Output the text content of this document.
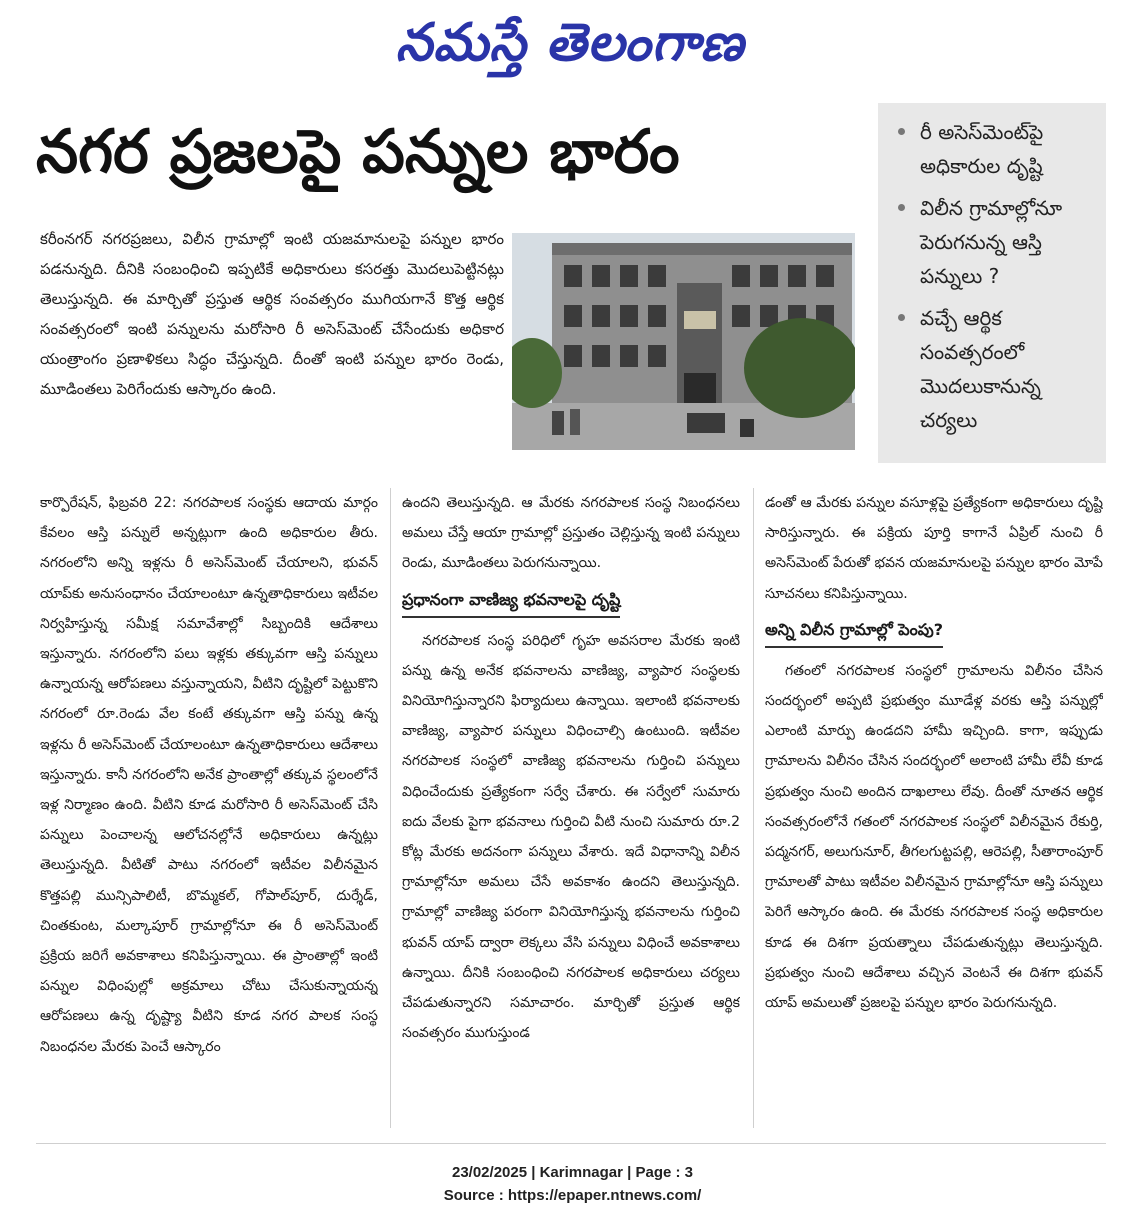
నమస్తే తెలంగాణ
నగర ప్రజలపై పన్నుల భారం	రీ అసెస్‌మెంట్‌పై అధికారుల దృష్టి
విలీన గ్రామాల్లోనూ పెరుగనున్న ఆస్తి పన్నులు ?
వచ్చే ఆర్థిక సంవత్సరంలో మొదలుకానున్న చర్యలు
కరీంనగర్ నగరప్రజలు, విలీన గ్రామాల్లో ఇంటి యజమానులపై పన్నుల భారం పడనున్నది. దీనికి సంబంధించి ఇప్పటికే అధికారులు కసరత్తు మొదలుపెట్టినట్లు తెలుస్తున్నది. ఈ మార్చితో ప్రస్తుత ఆర్థిక సంవత్సరం ముగియగానే కొత్త ఆర్థిక సంవత్సరంలో ఇంటి పన్నులను మరోసారి రీ అసెస్‌మెంట్ చేసేందుకు అధికార యంత్రాంగం ప్రణాళికలు సిద్ధం చేస్తున్నది. దీంతో ఇంటి పన్నుల భారం రెండు, మూడింతలు పెరిగేందుకు ఆస్కారం ఉంది.

కార్పొరేషన్, ఫిబ్రవరి 22: నగరపాలక సంస్థకు ఆదాయ మార్గం కేవలం ఆస్తి పన్నులే అన్నట్లుగా ఉంది అధికారుల తీరు. నగరంలోని అన్ని ఇళ్లను రీ అసెస్‌మెంట్ చేయాలని, భువన్ యాప్‌కు అనుసంధానం చేయాలంటూ ఉన్నతాధికారులు ఇటీవల నిర్వహిస్తున్న సమీక్ష సమావేశాల్లో సిబ్బందికి ఆదేశాలు ఇస్తున్నారు. నగరంలోని పలు ఇళ్లకు తక్కువగా ఆస్తి పన్నులు ఉన్నాయన్న ఆరోపణలు వస్తున్నాయని, వీటిని దృష్టిలో పెట్టుకొని నగరంలో రూ.రెండు వేల కంటే తక్కువగా ఆస్తి పన్ను ఉన్న ఇళ్లను రీ అసెస్‌మెంట్ చేయాలంటూ ఉన్నతాధికారులు ఆదేశాలు ఇస్తున్నారు. కానీ నగరంలోని అనేక ప్రాంతాల్లో తక్కువ స్థలంలోనే ఇళ్ల నిర్మాణం ఉంది. వీటిని కూడ మరోసారి రీ అసెస్‌మెంట్ చేసి పన్నులు పెంచాలన్న ఆలోచనల్లోనే అధికారులు ఉన్నట్లు తెలుస్తున్నది. వీటితో పాటు నగరంలో ఇటీవల విలీనమైన కొత్తపల్లి మున్సిపాలిటీ, బొమ్మకల్, గోపాల్‌పూర్, దుర్శేడ్, చింతకుంట, మల్కాపూర్ గ్రామాల్లోనూ ఈ రీ అసెస్‌మెంట్ ప్రక్రియ జరిగే అవకాశాలు కనిపిస్తున్నాయి. ఈ ప్రాంతాల్లో ఇంటి పన్నుల విధింపుల్లో అక్రమాలు చోటు చేసుకున్నాయన్న ఆరోపణలు ఉన్న దృష్ట్యా వీటిని కూడ నగర పాలక సంస్థ నిబంధనల మేరకు పెంచే ఆస్కారం

ఉందని తెలుస్తున్నది. ఆ మేరకు నగరపాలక సంస్థ నిబంధనలు అమలు చేస్తే ఆయా గ్రామాల్లో ప్రస్తుతం చెల్లిస్తున్న ఇంటి పన్నులు రెండు, మూడింతలు పెరుగనున్నాయి.

ప్రధానంగా వాణిజ్య భవనాలపై దృష్టి

నగరపాలక సంస్థ పరిధిలో గృహ అవసరాల మేరకు ఇంటి పన్ను ఉన్న అనేక భవనాలను వాణిజ్య, వ్యాపార సంస్థలకు వినియోగిస్తున్నారని ఫిర్యాదులు ఉన్నాయి. ఇలాంటి భవనాలకు వాణిజ్య, వ్యాపార పన్నులు విధించాల్సి ఉంటుంది. ఇటీవల నగరపాలక సంస్థలో వాణిజ్య భవనాలను గుర్తించి పన్నులు విధించేందుకు ప్రత్యేకంగా సర్వే చేశారు. ఈ సర్వేలో సుమారు ఐదు వేలకు పైగా భవనాలు గుర్తించి వీటి నుంచి సుమారు రూ.2 కోట్ల మేరకు అదనంగా పన్నులు వేశారు. ఇదే విధానాన్ని విలీన గ్రామాల్లోనూ అమలు చేసే అవకాశం ఉందని తెలుస్తున్నది. గ్రామాల్లో వాణిజ్య పరంగా వినియోగిస్తున్న భవనాలను గుర్తించి భువన్ యాప్ ద్వారా లెక్కలు వేసి పన్నులు విధించే అవకాశాలు ఉన్నాయి. దీనికి సంబంధించి నగరపాలక అధికారులు చర్యలు చేపడుతున్నారని సమాచారం. మార్చితో ప్రస్తుత ఆర్థిక సంవత్సరం ముగుస్తుండ

డంతో ఆ మేరకు పన్నుల వసూళ్లపై ప్రత్యేకంగా అధికారులు దృష్టి సారిస్తున్నారు. ఈ పక్రియ పూర్తి కాగానే ఏప్రిల్ నుంచి రీ అసెస్‌మెంట్ పేరుతో భవన యజమానులపై పన్నుల భారం మోపే సూచనలు కనిపిస్తున్నాయి.

అన్ని విలీన గ్రామాల్లో పెంపు?

గతంలో నగరపాలక సంస్థలో గ్రామాలను విలీనం చేసిన సందర్భంలో అప్పటి ప్రభుత్వం మూడేళ్ల వరకు ఆస్తి పన్నుల్లో ఎలాంటి మార్పు ఉండదని హామీ ఇచ్చింది. కాగా, ఇప్పుడు గ్రామాలను విలీనం చేసిన సందర్భంలో అలాంటి హామీ లేవీ కూడ ప్రభుత్వం నుంచి అందిన దాఖలాలు లేవు. దీంతో నూతన ఆర్థిక సంవత్సరంలోనే గతంలో నగరపాలక సంస్థలో విలీనమైన రేకుర్తి, పద్మనగర్, అలుగునూర్, తీగలగుట్టపల్లి, ఆరెపల్లి, సీతారాంపూర్ గ్రామాలతో పాటు ఇటీవల విలీనమైన గ్రామాల్లోనూ ఆస్తి పన్నులు పెరిగే ఆస్కారం ఉంది. ఈ మేరకు నగరపాలక సంస్థ అధికారుల కూడ ఈ దిశగా ప్రయత్నాలు చేపడుతున్నట్లు తెలుస్తున్నది. ప్రభుత్వం నుంచి ఆదేశాలు వచ్చిన వెంటనే ఈ దిశగా భువన్ యాప్ అమలుతో ప్రజలపై పన్నుల భారం పెరుగనున్నది.

23/02/2025 | Karimnagar | Page : 3
Source : https://epaper.ntnews.com/
